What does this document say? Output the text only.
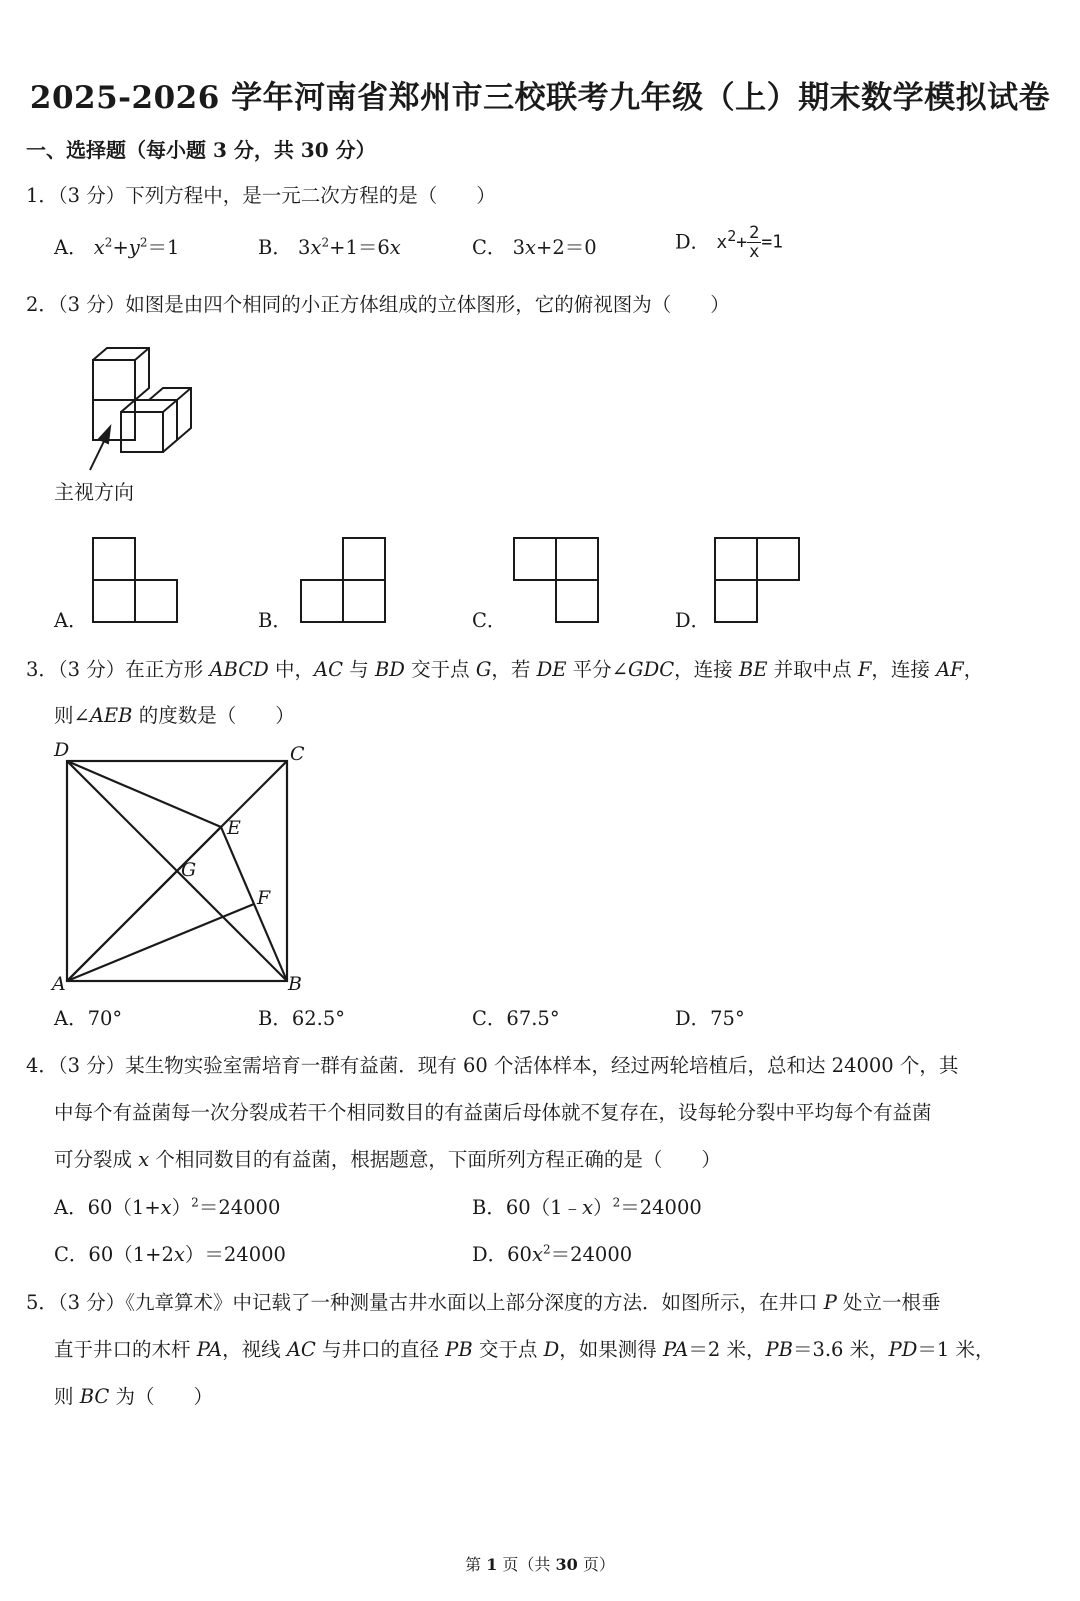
2025-2026 学年河南省郑州市三校联考九年级（上）期末数学模拟试卷
一、选择题（每小题 3 分，共 30 分）
1．（3 分）下列方程中，是一元二次方程的是（　　）
A． $x^2+y^2=1$	B． $3x^2+1=6x$	C． 3x+2＝0	D． $x^2+ \frac{2}{x} =1$
2．（3 分）如图是由四个相同的小正方体组成的立体图形，它的俯视图为（　　）
主视方向
A．	B．	C．	D．
3．（3 分）在正方形 ABCD 中，AC 与 BD 交于点 G，若 DE 平分∠GDC，连接 BE 并取中点 F，连接 AF，
则∠AEB 的度数是（　　）
D	C
E
G
F
A	B
A．70°	B．62.5°	C．67.5°	D．75°
4．（3 分）某生物实验室需培育一群有益菌．现有 60 个活体样本，经过两轮培植后，总和达 24000 个，其
中每个有益菌每一次分裂成若干个相同数目的有益菌后母体就不复存在，设每轮分裂中平均每个有益菌
可分裂成 x 个相同数目的有益菌，根据题意，下面所列方程正确的是（　　）
A．$60(1+x)^2=24000$	B．60（1﹣x）$^2$＝24000
C．60（1+2x）＝24000	D．$60x^2=24000$
5．（3 分）《九章算术》中记载了一种测量古井水面以上部分深度的方法．如图所示，在井口 P 处立一根垂
直于井口的木杆 PA，视线 AC 与井口的直径 PB 交于点 D，如果测得 PA＝2 米，PB＝3.6 米，PD＝1 米，
则 BC 为（　　）
第 1 页（共 30 页）
